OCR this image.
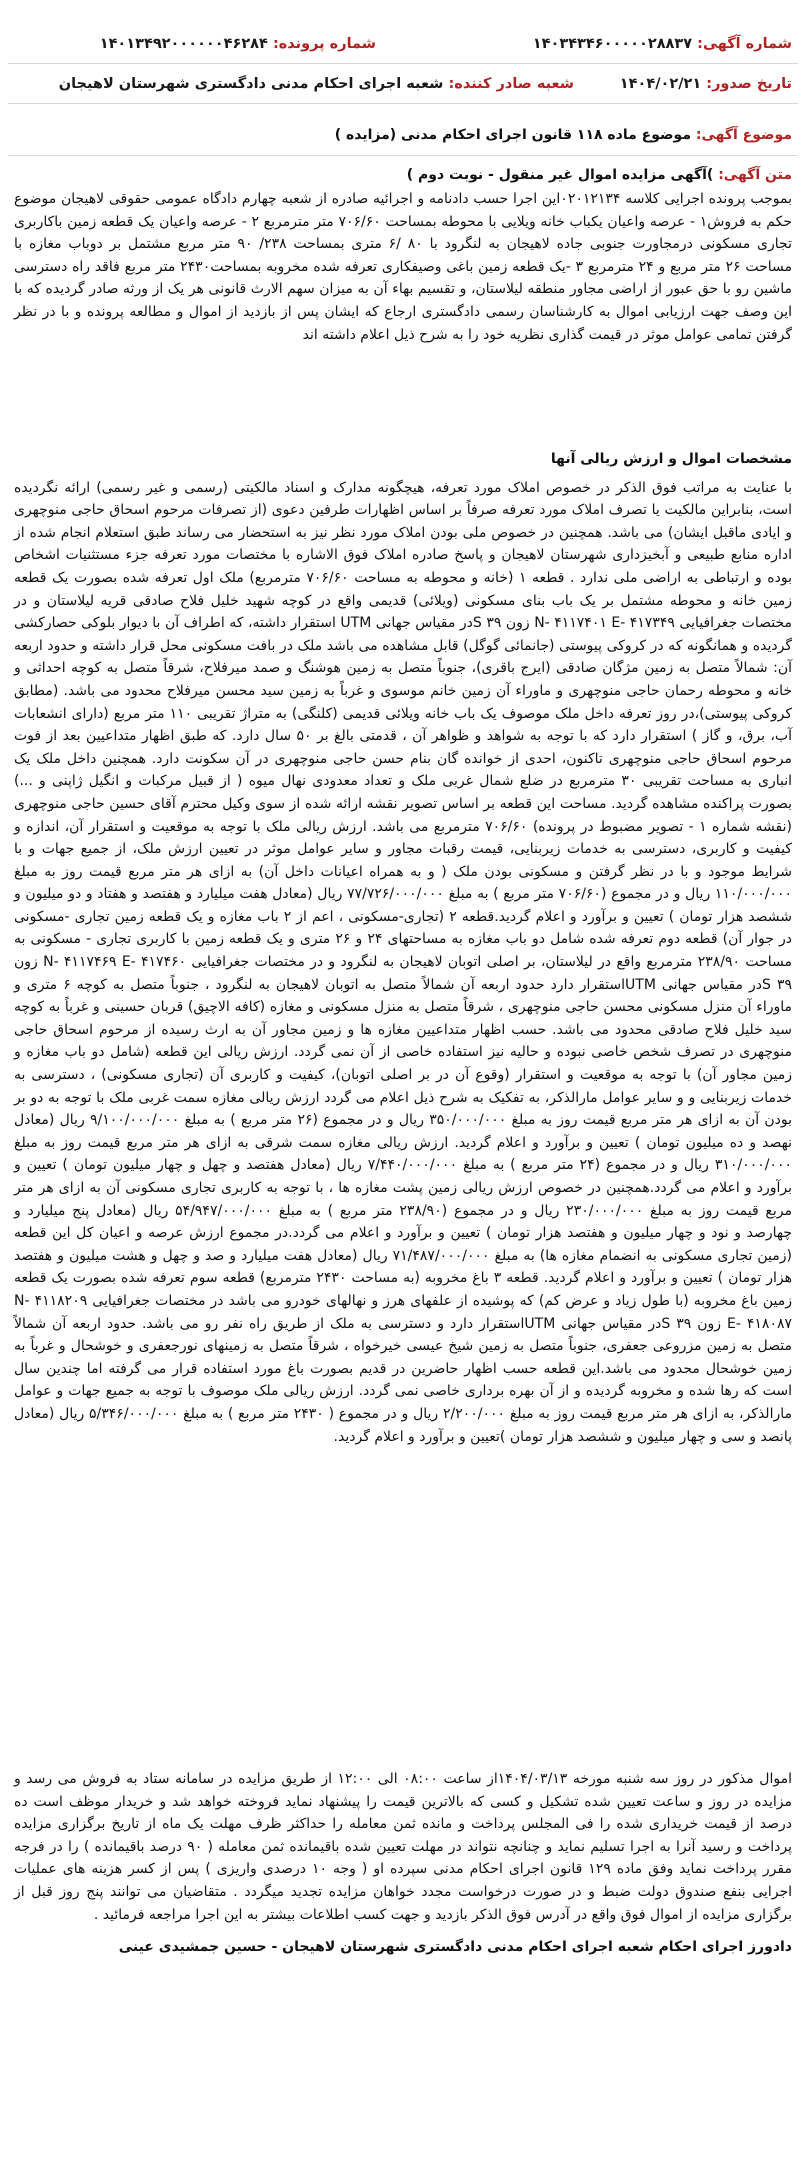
شماره آگهی: ۱۴۰۳۴۳۴۶۰۰۰۰۰۲۸۸۳۷
شماره پرونده: ۱۴۰۱۳۴۹۲۰۰۰۰۰۰۴۶۲۸۴
تاریخ صدور: ۱۴۰۴/۰۲/۲۱
شعبه صادر کننده: شعبه اجرای احکام مدنی دادگستری شهرستان لاهیجان
موضوع آگهی: موضوع ماده ۱۱۸ قانون اجرای احکام مدنی (مزایده )
متن آگهی: )آگهی مزایده اموال غیر منقول - نوبت دوم )

بموجب پرونده اجرایی کلاسه ۰۲۰۱۲۱۳۴این اجرا حسب دادنامه و اجرائیه صادره از شعبه چهارم دادگاه عمومی حقوقی لاهیجان موضوع حکم به فروش۱ - عرصه واعیان یکباب خانه ویلایی با محوطه بمساحت ۷۰۶/۶۰ متر مترمربع ۲ - عرصه واعیان یک قطعه زمین باکاربری تجاری مسکونی درمجاورت جنوبی جاده لاهیجان به لنگرود با ۸۰ /۶ متری بمساحت ۲۳۸/ ۹۰ متر مربع مشتمل بر دوباب مغازه با مساحت ۲۶ متر مربع و ۲۴ مترمربع ۳ -یک قطعه زمین باغی وصیفکاری تعرفه شده مخروبه بمساحت۲۴۳۰ متر مربع فاقد راه دسترسی ماشین رو با حق عبور از اراضی مجاور منطقه لیلاستان، و تقسیم بهاء آن به میزان سهم الارث قانونی هر یک از ورثه صادر گردیده که با این وصف جهت ارزیابی اموال به کارشناسان رسمی دادگستری ارجاع که ایشان پس از بازدید از اموال و مطالعه پرونده و با در نظر گرفتن تمامی عوامل موثر در قیمت گذاری نظریه خود را به شرح ذیل اعلام داشته اند

مشخصات اموال و ارزش ریالی آنها

با عنایت به مراتب فوق الذکر در خصوص املاک مورد تعرفه، هیچگونه مدارک و اسناد مالکیتی (رسمی و غیر رسمی) ارائه نگردیده است، بنابراین مالکیت یا تصرف املاک مورد تعرفه صرفاً بر اساس اظهارات طرفین دعوی (از تصرفات مرحوم اسحاق حاجی منوچهری و ایادی ماقبل ایشان) می باشد. همچنین در خصوص ملی بودن املاک مورد نظر نیز به استحضار می رساند طبق استعلام انجام شده از اداره منابع طبیعی و آبخیزداری شهرستان لاهیجان و پاسخ صادره املاک فوق الاشاره با مختصات مورد تعرفه جزء مستثنیات اشخاص بوده و ارتباطی به اراضی ملی ندارد . قطعه ۱ (خانه و محوطه به مساحت ۷۰۶/۶۰ مترمربع) ملک اول تعرفه شده بصورت یک قطعه زمین خانه و محوطه مشتمل بر یک باب بنای مسکونی (ویلائی) قدیمی واقع در کوچه شهید خلیل فلاح صادقی قریه لیلاستان و در مختصات جغرافیایی N- ۴۱۱۷۴۰۱ E- ۴۱۷۳۴۹ زون ۳۹ Sدر مقیاس جهانی UTM استقرار داشته، که اطراف آن با دیوار بلوکی حصارکشی گردیده و همانگونه که در کروکی پیوستی (جانمائی گوگل) قابل مشاهده می باشد ملک در بافت مسکونی محل قرار داشته و حدود اربعه آن: شمالاً متصل به زمین مژگان صادقی (ایرج باقری)، جنوباً متصل به زمین هوشنگ و صمد میرفلاح، شرقاً متصل به کوچه احداثی و خانه و محوطه رحمان حاجی منوچهری و ماوراء آن زمین خانم موسوی و غرباً به زمین سید محسن میرفلاح محدود می باشد. (مطابق کروکی پیوستی)،در روز تعرفه داخل ملک موصوف یک باب خانه ویلائی قدیمی (کلنگی) به متراژ تقریبی ۱۱۰ متر مربع (دارای انشعابات آب، برق، و گاز ) استقرار دارد که با توجه به شواهد و ظواهر آن ، قدمتی بالغ بر ۵۰ سال دارد. که طبق اظهار متداعیین بعد از فوت مرحوم اسحاق حاجی منوچهری تاکنون، احدی از خوانده گان بنام حسن حاجی منوچهری در آن سکونت دارد. همچنین داخل ملک یک انباری به مساحت تقریبی ۳۰ مترمربع در ضلع شمال غربی ملک و تعداد معدودی نهال میوه ( از قبیل مرکبات و انگیل ژاپنی و ...) بصورت پراکنده مشاهده گردید. مساحت این قطعه بر اساس تصویر نقشه ارائه شده از سوی وکیل محترم آقای حسین حاجی منوچهری (نقشه شماره ۱ - تصویر مضبوط در پرونده) ۷۰۶/۶۰ مترمربع می باشد. ارزش ریالی ملک با توجه به موقعیت و استقرار آن، اندازه و کیفیت و کاربری، دسترسی به خدمات زیربنایی، قیمت رقبات مجاور و سایر عوامل موثر در تعیین ارزش ملک، از جمیع جهات و با شرایط موجود و با در نظر گرفتن و مسکونی بودن ملک ( و به همراه اعیانات داخل آن) به ازای هر متر مربع قیمت روز به مبلغ ۱۱۰/۰۰۰/۰۰۰ ریال و در مجموع (۷۰۶/۶۰ متر مربع ) به مبلغ ۷۷/۷۲۶/۰۰۰/۰۰۰ ریال (معادل هفت میلیارد و هفتصد و هفتاد و دو میلیون و ششصد هزار تومان ) تعیین و برآورد و اعلام گردید.قطعه ۲ (تجاری-مسکونی ، اعم از ۲ باب مغازه و یک قطعه زمین تجاری -مسکونی در جوار آن) قطعه دوم تعرفه شده شامل دو باب مغازه به مساحتهای ۲۴ و ۲۶ متری و یک قطعه زمین با کاربری تجاری - مسکونی به مساحت ۲۳۸/۹۰ مترمربع واقع در لیلاستان، بر اصلی اتوبان لاهیجان به لنگرود و در مختصات جغرافیایی N- ۴۱۱۷۴۶۹ E- ۴۱۷۴۶۰ زون ۳۹ Sدر مقیاس جهانی UTMاستقرار دارد حدود اربعه آن شمالاً متصل به اتوبان لاهیجان به لنگرود ، جنوباً متصل به کوچه ۶ متری و ماوراء آن منزل مسکونی محسن حاجی منوچهری ، شرقاً متصل به منزل مسکونی و مغازه (کافه الاچیق) قربان حسینی و غرباً به کوچه سید خلیل فلاح صادقی محدود می باشد. حسب اظهار متداعیین مغازه ها و زمین مجاور آن به ارث رسیده از مرحوم اسحاق حاجی منوچهری در تصرف شخص خاصی نبوده و حالیه نیز استفاده خاصی از آن نمی گردد. ارزش ریالی این قطعه (شامل دو باب مغازه و زمین مجاور آن) با توجه به موقعیت و استقرار (وقوع آن در بر اصلی اتوبان)، کیفیت و کاربری آن (تجاری مسکونی) ، دسترسی به خدمات زیربنایی و و سایر عوامل مارالذکر، به تفکیک به شرح ذیل اعلام می گردد ارزش ریالی مغازه سمت غربی ملک با توجه به دو بر بودن آن به ازای هر متر مربع قیمت روز به مبلغ ۳۵۰/۰۰۰/۰۰۰ ریال و در مجموع (۲۶ متر مربع ) به مبلغ ۹/۱۰۰/۰۰۰/۰۰۰ ریال (معادل نهصد و ده میلیون تومان ) تعیین و برآورد و اعلام گردید. ارزش ریالی مغازه سمت شرقی به ازای هر متر مربع قیمت روز به مبلغ ۳۱۰/۰۰۰/۰۰۰ ریال و در مجموع (۲۴ متر مربع ) به مبلغ ۷/۴۴۰/۰۰۰/۰۰۰ ریال (معادل هفتصد و چهل و چهار میلیون تومان ) تعیین و برآورد و اعلام می گردد.همچنین در خصوص ارزش ریالی زمین پشت مغازه ها ، با توجه به کاربری تجاری مسکونی آن به ازای هر متر مربع قیمت روز به مبلغ ۲۳۰/۰۰۰/۰۰۰ ریال و در مجموع (۲۳۸/۹۰ متر مربع ) به مبلغ ۵۴/۹۴۷/۰۰۰/۰۰۰ ریال (معادل پنج میلیارد و چهارصد و نود و چهار میلیون و هفتصد هزار تومان ) تعیین و برآورد و اعلام می گردد.در مجموع ارزش عرصه و اعیان کل این قطعه (زمین تجاری مسکونی به انضمام مغازه ها) به مبلغ ۷۱/۴۸۷/۰۰۰/۰۰۰ ریال (معادل هفت میلیارد و صد و چهل و هشت میلیون و هفتصد هزار تومان ) تعیین و برآورد و اعلام گردید. قطعه ۳ باغ مخروبه (به مساحت ۲۴۳۰ مترمربع) قطعه سوم تعرفه شده بصورت یک قطعه زمین باغ مخروبه (با طول زیاد و عرض کم) که پوشیده از علفهای هرز و نهالهای خودرو می باشد در مختصات جغرافیایی N- ۴۱۱۸۲۰۹ E- ۴۱۸۰۸۷ زون ۳۹ Sدر مقیاس جهانی UTMاستقرار دارد و دسترسی به ملک از طریق راه نفر رو می باشد. حدود اربعه آن شمالاً متصل به زمین مزروعی جعفری، جنوباً متصل به زمین شیخ عیسی خیرخواه ، شرقاً متصل به زمینهای نورجعفری و خوشحال و غرباً به زمین خوشحال محدود می باشد.این قطعه حسب اظهار حاضرین در قدیم بصورت باغ مورد استفاده قرار می گرفته اما چندین سال است که رها شده و مخروبه گردیده و از آن بهره برداری خاصی نمی گردد. ارزش ریالی ملک موصوف با توجه به جمیع جهات و عوامل مارالذکر، به ازای هر متر مربع قیمت روز به مبلغ ۲/۲۰۰/۰۰۰ ریال و در مجموع ( ۲۴۳۰ متر مربع ) به مبلغ ۵/۳۴۶/۰۰۰/۰۰۰ ریال (معادل پانصد و سی و چهار میلیون و ششصد هزار تومان )تعیین و برآورد و اعلام گردید.

اموال مذکور در روز سه شنبه مورخه ۱۴۰۴/۰۳/۱۳از ساعت ۰۸:۰۰ الی ۱۲:۰۰ از طریق مزایده در سامانه ستاد به فروش می رسد و مزایده در روز و ساعت تعیین شده تشکیل و کسی که بالاترین قیمت را پیشنهاد نماید فروخته خواهد شد و خریدار موظف است ده درصد از قیمت خریداری شده را فی المجلس پرداخت و مانده ثمن معامله را حداکثر ظرف مهلت یک ماه از تاریخ برگزاری مزایده پرداخت و رسید آنرا به اجرا تسلیم نماید و چنانچه نتواند در مهلت تعیین شده باقیمانده ثمن معامله ( ۹۰ درصد باقیمانده ) را در فرجه مقرر پرداخت نماید وفق ماده ۱۲۹ قانون اجرای احکام مدنی سپرده او ( وجه ۱۰ درصدی واریزی ) پس از کسر هزینه های عملیات اجرایی بنفع صندوق دولت ضبط و در صورت درخواست مجدد خواهان مزایده تجدید میگردد . متقاضیان می توانند پنج روز قبل از برگزاری مزایده از اموال فوق واقع در آدرس فوق الذکر بازدید و جهت کسب اطلاعات بیشتر به این اجرا مراجعه فرمائید .

دادورز اجرای احکام شعبه اجرای احکام مدنی دادگستری شهرستان لاهیجان - حسین جمشیدی عینی
